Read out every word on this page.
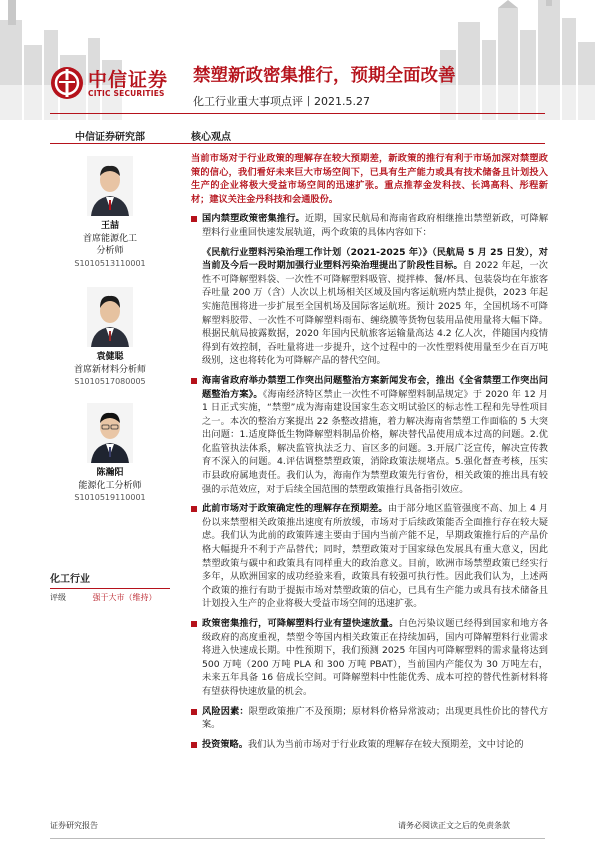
中信证券
CITIC SECURITIES
禁塑新政密集推行，预期全面改善
化工行业重大事项点评丨2021.5.27
中信证券研究部	核心观点
王喆
首席能源化工
分析师
S1010513110001
袁健聪
首席新材料分析师
S1010517080005
陈瀚阳
能源化工分析师
S1010519110001
化工行业
评级	强于大市（维持）
当前市场对于行业政策的理解存在较大预期差，新政策的推行有利于市场加深对禁塑政策的信心，我们看好未来巨大市场空间下，已具有生产能力或具有技术储备且计划投入生产的企业将极大受益市场空间的迅速扩张。重点推荐金发科技、长鸿高科、彤程新材；建议关注金丹科技和会通股份。
国内禁塑政策密集推行。近期，国家民航局和海南省政府相继推出禁塑新政，可降解塑料行业重回快速发展轨道，两个政策的具体内容如下：
《民航行业塑料污染治理工作计划（2021-2025 年）》（民航局 5 月 25 日发），对当前及今后一段时期加强行业塑料污染治理提出了阶段性目标。自 2022 年起，一次性不可降解塑料袋、一次性不可降解塑料吸管、搅拌棒、餐/杯具、包装袋均在年旅客吞吐量 200 万（含）人次以上机场相关区域及国内客运航班内禁止提供，2023 年起实施范围将进一步扩展至全国机场及国际客运航班。预计 2025 年，全国机场不可降解塑料胶带、一次性不可降解塑料雨布、缠绕膜等货物包装用品使用量将大幅下降。根据民航局披露数据，2020 年国内民航旅客运输量高达 4.2 亿人次，伴随国内疫情得到有效控制，吞吐量将进一步提升，这个过程中的一次性塑料使用量至少在百万吨级别，这也将转化为可降解产品的替代空间。
海南省政府举办禁塑工作突出问题整治方案新闻发布会，推出《全省禁塑工作突出问题整治方案》。《海南经济特区禁止一次性不可降解塑料制品规定》于 2020 年 12 月 1 日正式实施，“禁塑”成为海南建设国家生态文明试验区的标志性工程和先导性项目之一。本次的整治方案提出 22 条整改措施，着力解决海南省禁塑工作面临的 5 大突出问题：1.适度降低生物降解塑料制品价格，解决替代品使用成本过高的问题。2.优化监管执法体系，解决监管执法乏力、盲区多的问题。3.开展广泛宣传，解决宣传教育不深入的问题。4.评估调整禁塑政策，消除政策法规堵点。5.强化督查考核，压实市县政府属地责任。我们认为，海南作为禁塑政策先行省份，相关政策的推出具有较强的示范效应，对于后续全国范围的禁塑政策推行具备指引效应。
此前市场对于政策确定性的理解存在预期差。由于部分地区监管强度不高、加上 4 月份以来禁塑相关政策推出速度有所放缓，市场对于后续政策能否全面推行存在较大疑虑。我们认为此前的政策阵速主要由于国内当前产能不足，早期政策推行后的产品价格大幅提升不利于产品替代；同时，禁塑政策对于国家绿色发展具有重大意义，因此禁塑政策与碳中和政策具有同样重大的政治意义。目前，欧洲市场禁塑政策已经实行多年，从欧洲国家的成功经验来看，政策具有较强可执行性。因此我们认为，上述两个政策的推行有助于提振市场对禁塑政策的信心，已具有生产能力或具有技术储备且计划投入生产的企业将极大受益市场空间的迅速扩张。
政策密集推行，可降解塑料行业有望快速放量。白色污染议题已经得到国家和地方各级政府的高度重视，禁塑令等国内相关政策正在持续加码，国内可降解塑料行业需求将进入快速成长期。中性预期下，我们预测 2025 年国内可降解塑料的需求量将达到 500 万吨（200 万吨 PLA 和 300 万吨 PBAT），当前国内产能仅为 30 万吨左右，未来五年具备 16 倍成长空间。可降解塑料中性能优秀、成本可控的替代性新材料将有望获得快速放量的机会。
风险因素：限塑政策推广不及预期；原材料价格异常波动；出现更具性价比的替代方案。
投资策略。我们认为当前市场对于行业政策的理解存在较大预期差，文中讨论的
证券研究报告	请务必阅读正文之后的免责条款
